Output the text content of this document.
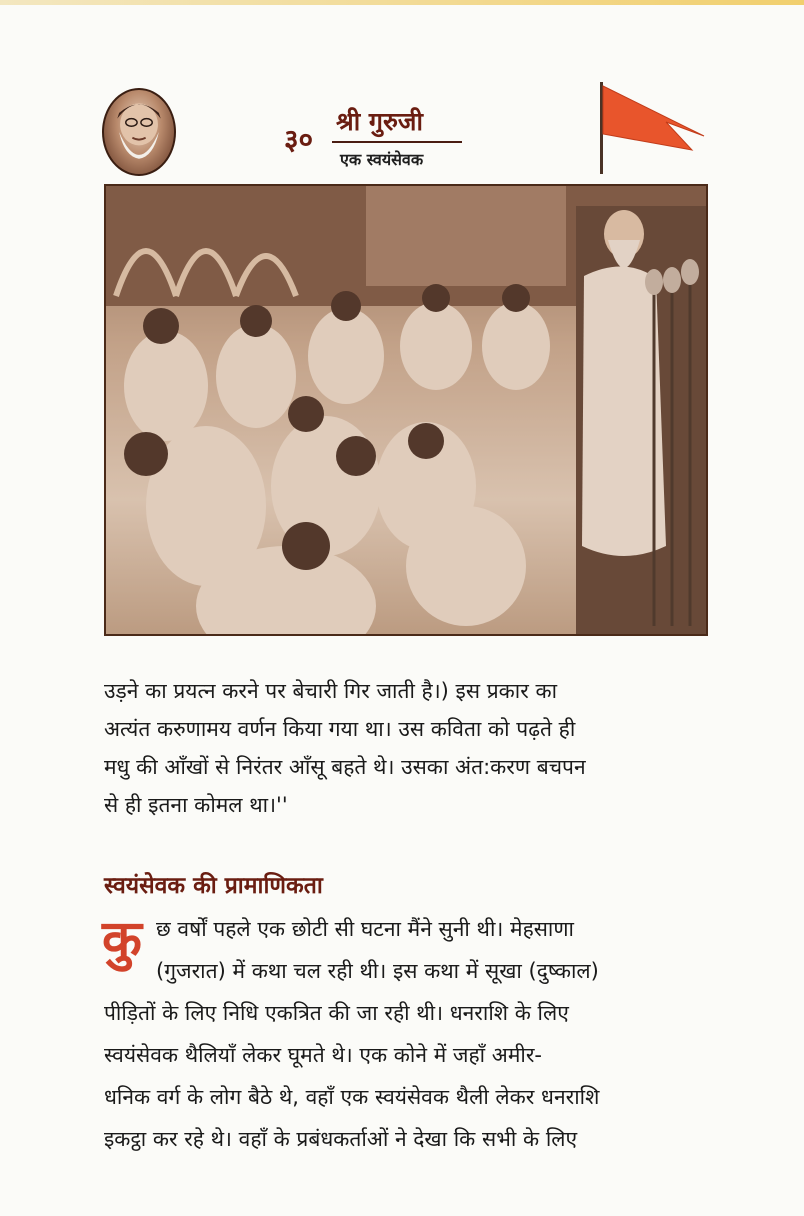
३०
श्री गुरुजी
एक स्वयंसेवक

उड़ने का प्रयत्न करने पर बेचारी गिर जाती है।) इस प्रकार का

अत्यंत करुणामय वर्णन किया गया था। उस कविता को पढ़ते ही

मधु की आँखों से निरंतर आँसू बहते थे। उसका अंत:करण बचपन

से ही इतना कोमल था।''

स्वयंसेवक की प्रामाणिकता
कु छ वर्षों पहले एक छोटी सी घटना मैंने सुनी थी। मेहसाणा
(गुजरात) में कथा चल रही थी। इस कथा में सूखा (दुष्काल)
पीड़ितों के लिए निधि एकत्रित की जा रही थी। धनराशि के लिए
स्वयंसेवक थैलियाँ लेकर घूमते थे। एक कोने में जहाँ अमीर-
धनिक वर्ग के लोग बैठे थे, वहाँ एक स्वयंसेवक थैली लेकर धनराशि
इकट्ठा कर रहे थे। वहाँ के प्रबंधकर्ताओं ने देखा कि सभी के लिए
